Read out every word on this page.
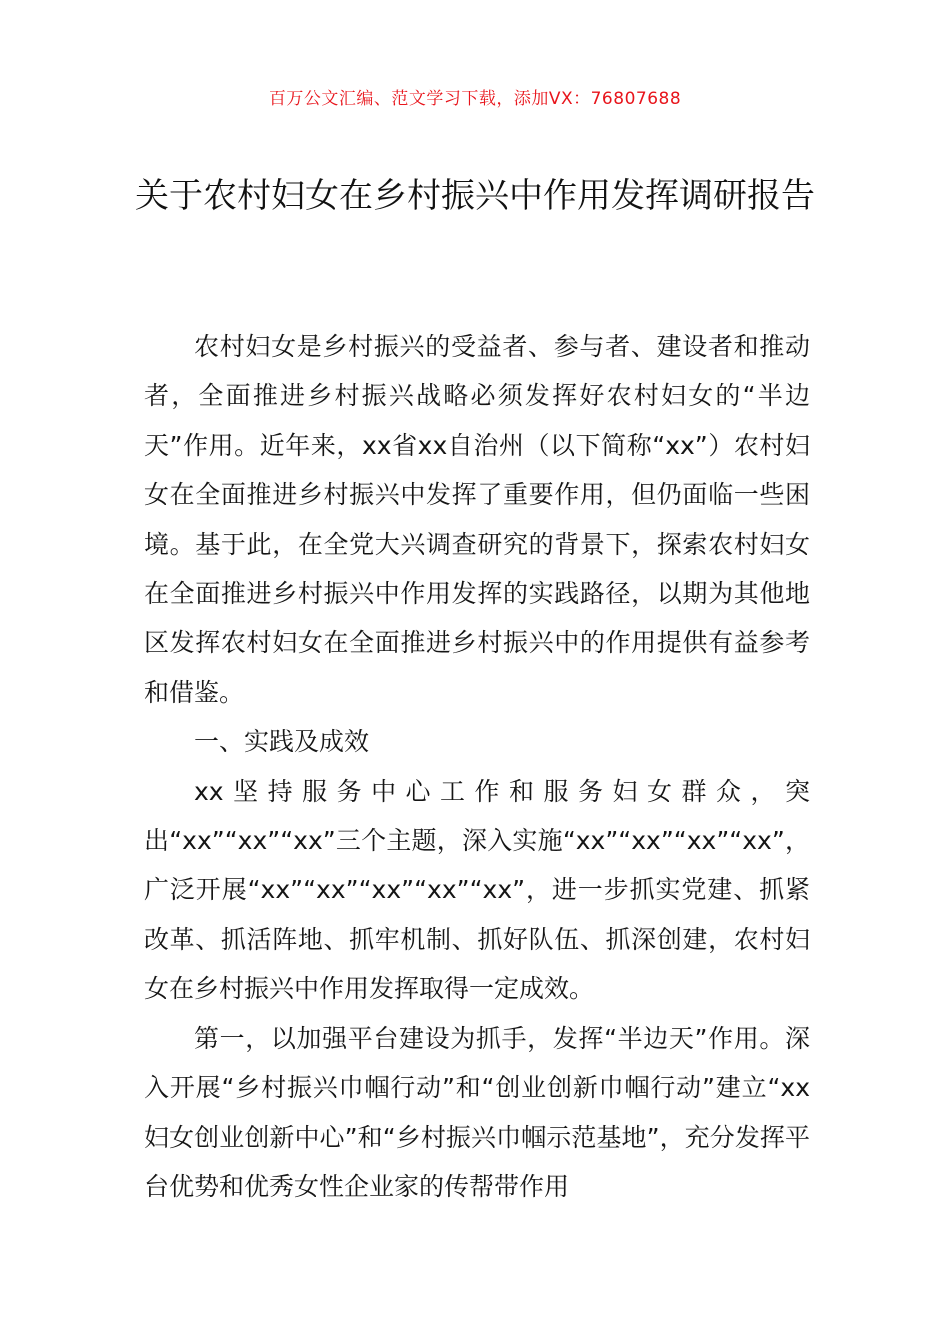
百万公文汇编、范文学习下载，添加VX：76807688
关于农村妇女在乡村振兴中作用发挥调研报告

农村妇女是乡村振兴的受益者、参与者、建设者和推动者，全面推进乡村振兴战略必须发挥好农村妇女的“半边天”作用。近年来，xx省xx自治州（以下简称“xx”）农村妇女在全面推进乡村振兴中发挥了重要作用，但仍面临一些困境。基于此，在全党大兴调查研究的背景下，探索农村妇女在全面推进乡村振兴中作用发挥的实践路径，以期为其他地区发挥农村妇女在全面推进乡村振兴中的作用提供有益参考和借鉴。

一、实践及成效

xx坚持服务中心工作和服务妇女群众，突出“xx”“xx”“xx”三个主题，深入实施“xx”“xx”“xx”“xx”，广泛开展“xx”“xx”“xx”“xx”“xx”，进一步抓实党建、抓紧改革、抓活阵地、抓牢机制、抓好队伍、抓深创建，农村妇女在乡村振兴中作用发挥取得一定成效。

第一，以加强平台建设为抓手，发挥“半边天”作用。深入开展“乡村振兴巾帼行动”和“创业创新巾帼行动”建立“xx妇女创业创新中心”和“乡村振兴巾帼示范基地”，充分发挥平台优势和优秀女性企业家的传帮带作用
